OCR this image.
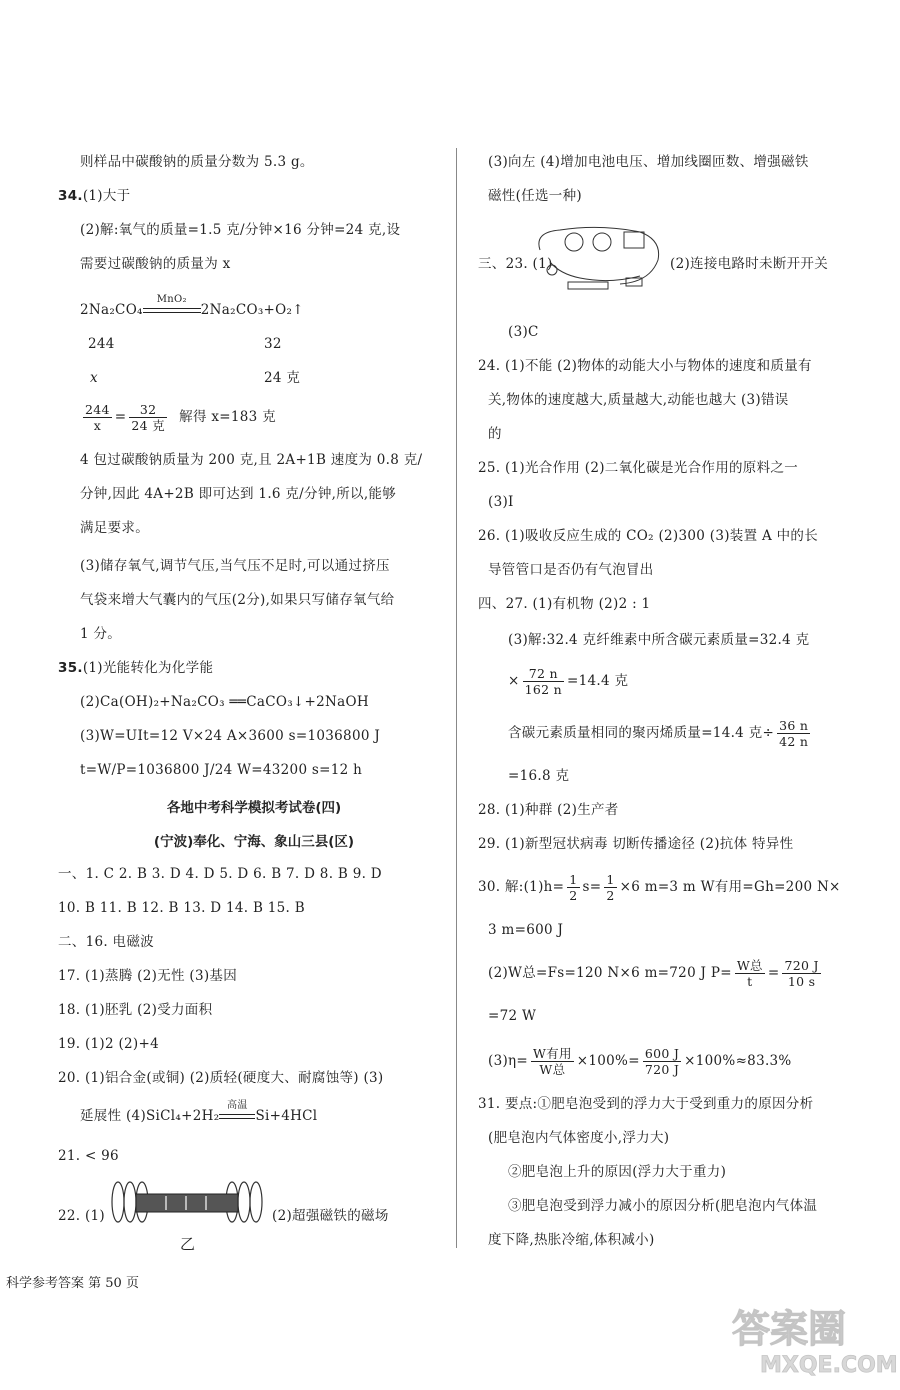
则样品中碳酸钠的质量分数为 5.3 g。
34.(1)大于
(2)解:氧气的质量=1.5 克/分钟×16 分钟=24 克,设
需要过碳酸钠的质量为 x
2Na₂CO₄
MnO₂
2Na₂CO₃+O₂↑
244	32
x	24 克
$\frac{244}{x} = \frac{32}{\text{24 克}}$ 解得 x=183 克
4 包过碳酸钠质量为 200 克,且 2A+1B 速度为 0.8 克/
分钟,因此 4A+2B 即可达到 1.6 克/分钟,所以,能够
满足要求。
(3)储存氧气,调节气压,当气压不足时,可以通过挤压
气袋来增大气囊内的气压(2分),如果只写储存氧气给
1 分。
35.(1)光能转化为化学能
(2)Ca(OH)₂+Na₂CO₃ ══CaCO₃↓+2NaOH
(3)W=UIt=12 V×24 A×3600 s=1036800 J
t=W/P=1036800 J/24 W=43200 s=12 h
各地中考科学模拟考试卷(四)
(宁波)奉化、宁海、象山三县(区)
一、1. C 2. B 3. D 4. D 5. D 6. B 7. D 8. B 9. D
10. B 11. B 12. B 13. D 14. B 15. B
二、16. 电磁波
17. (1)蒸腾 (2)无性 (3)基因
18. (1)胚乳 (2)受力面积
19. (1)2 (2)+4
20. (1)铝合金(或铜) (2)质轻(硬度大、耐腐蚀等) (3)
延展性 (4)SiCl₄+2H₂
高温
Si+4HCl
21. < 96
22. (1)	(2)超强磁铁的磁场
乙
(3)向左 (4)增加电池电压、增加线圈匝数、增强磁铁
磁性(任选一种)
三、23. (1)	(2)连接电路时未断开开关
(3)C
24. (1)不能 (2)物体的动能大小与物体的速度和质量有
关,物体的速度越大,质量越大,动能也越大 (3)错误
的
25. (1)光合作用 (2)二氧化碳是光合作用的原料之一
(3)Ⅰ
26. (1)吸收反应生成的 CO₂ (2)300 (3)装置 A 中的长
导管管口是否仍有气泡冒出
四、27. (1)有机物 (2)2 : 1
(3)解:32.4 克纤维素中所含碳元素质量=32.4 克
× $\frac{72 n}{162 n} =14.4$ 克
含碳元素质量相同的聚丙烯质量=14.4 克÷ $\frac{36 n}{42 n}$
=16.8 克
28. (1)种群 (2)生产者
29. (1)新型冠状病毒 切断传播途径 (2)抗体 特异性
30. 解:(1)h= $\frac{1}{2} s= \frac{1}{2} \times 6$ m=3 m W有用=Gh=200 N×
3 m=600 J
(2)W总=Fs=120 N×6 m=720 J $P= \frac{\text{W总}}{t} = \frac{720 J}{10 s}$
=72 W
$(3)\eta= \frac{\text{W有用}}{\text{W总}} \times 100\%= \frac{600 J}{720 J} \times 100\%\approx 83.3\%$
31. 要点:①肥皂泡受到的浮力大于受到重力的原因分析
(肥皂泡内气体密度小,浮力大)
②肥皂泡上升的原因(浮力大于重力)
③肥皂泡受到浮力减小的原因分析(肥皂泡内气体温
度下降,热胀冷缩,体积减小)
科学参考答案 第 50 页
答案圈
MXQE.COM
